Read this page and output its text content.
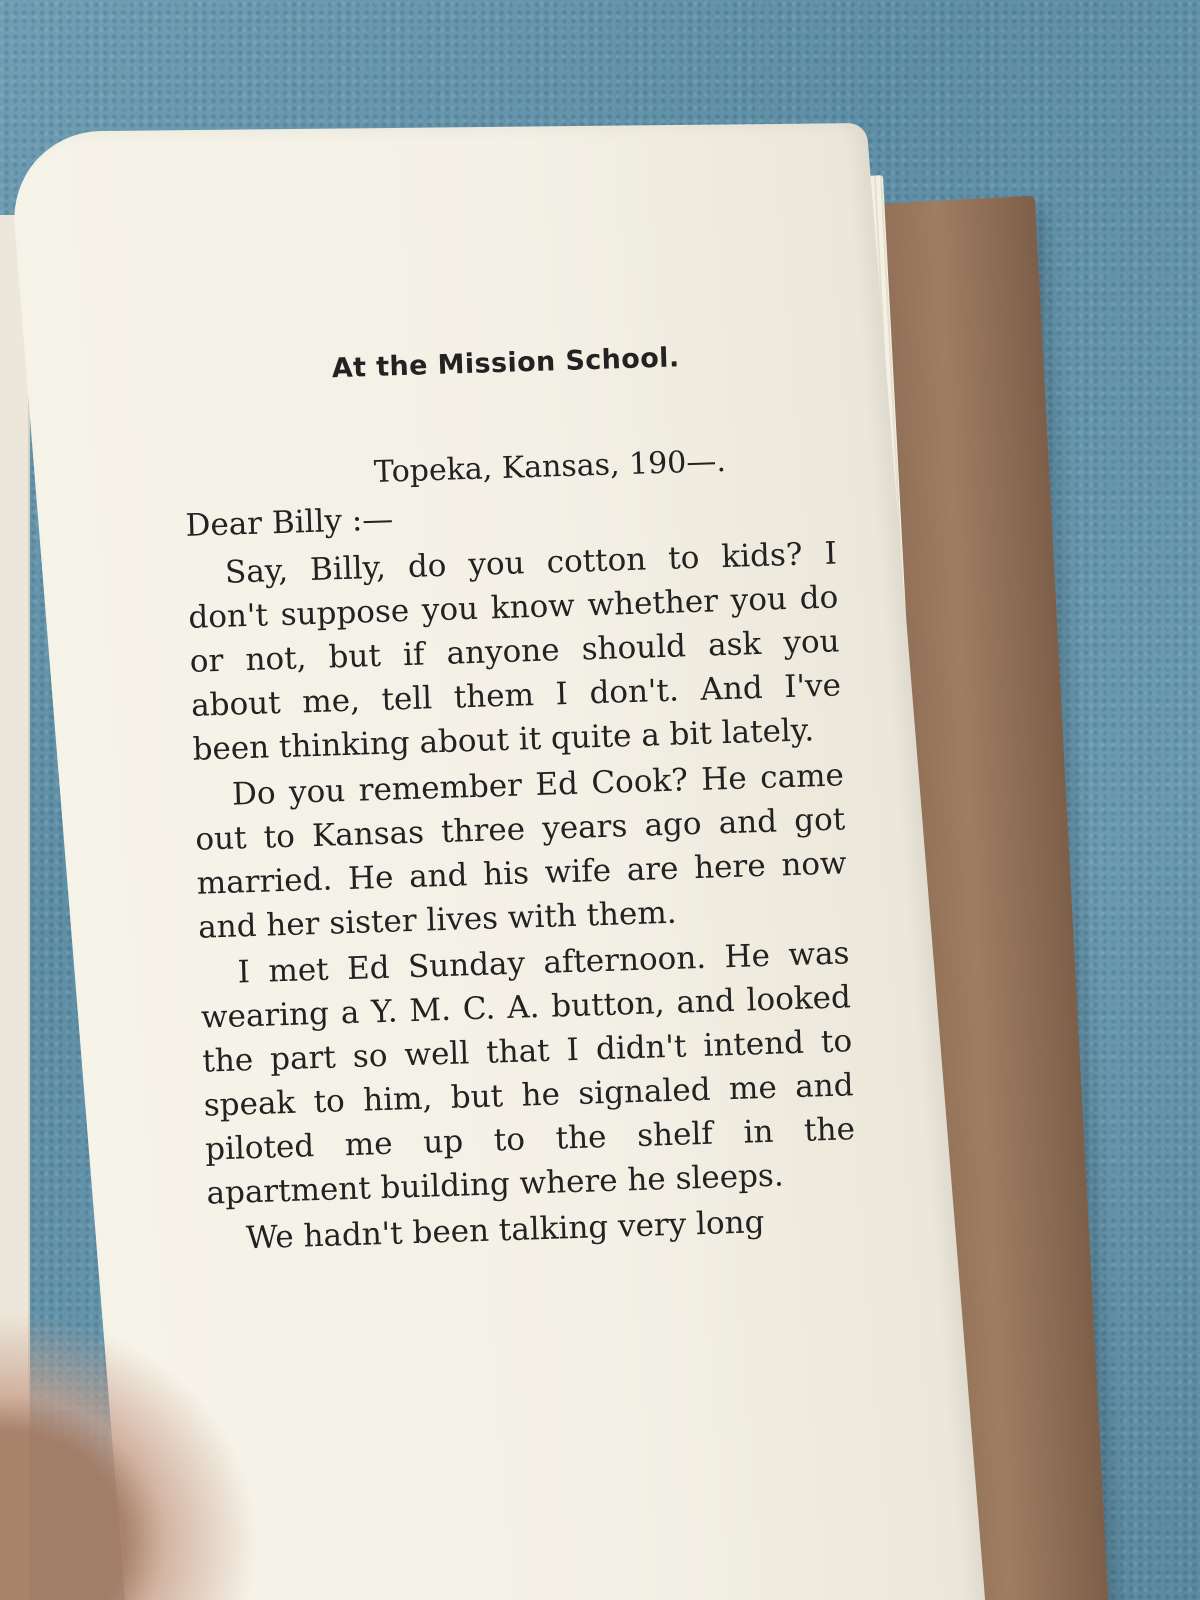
At the Mission School.
Topeka, Kansas, 190—.
Dear Billy :—

Say, Billy, do you cotton to kids? I don't suppose you know whether you do or not, but if anyone should ask you about me, tell them I don't. And I've been thinking about it quite a bit lately.

Do you remember Ed Cook? He came out to Kansas three years ago and got married. He and his wife are here now and her sister lives with them.

I met Ed Sunday afternoon. He was wearing a Y. M. C. A. button, and looked the part so well that I didn't intend to speak to him, but he signaled me and piloted me up to the shelf in the apartment building where he sleeps.

We hadn't been talking very long
